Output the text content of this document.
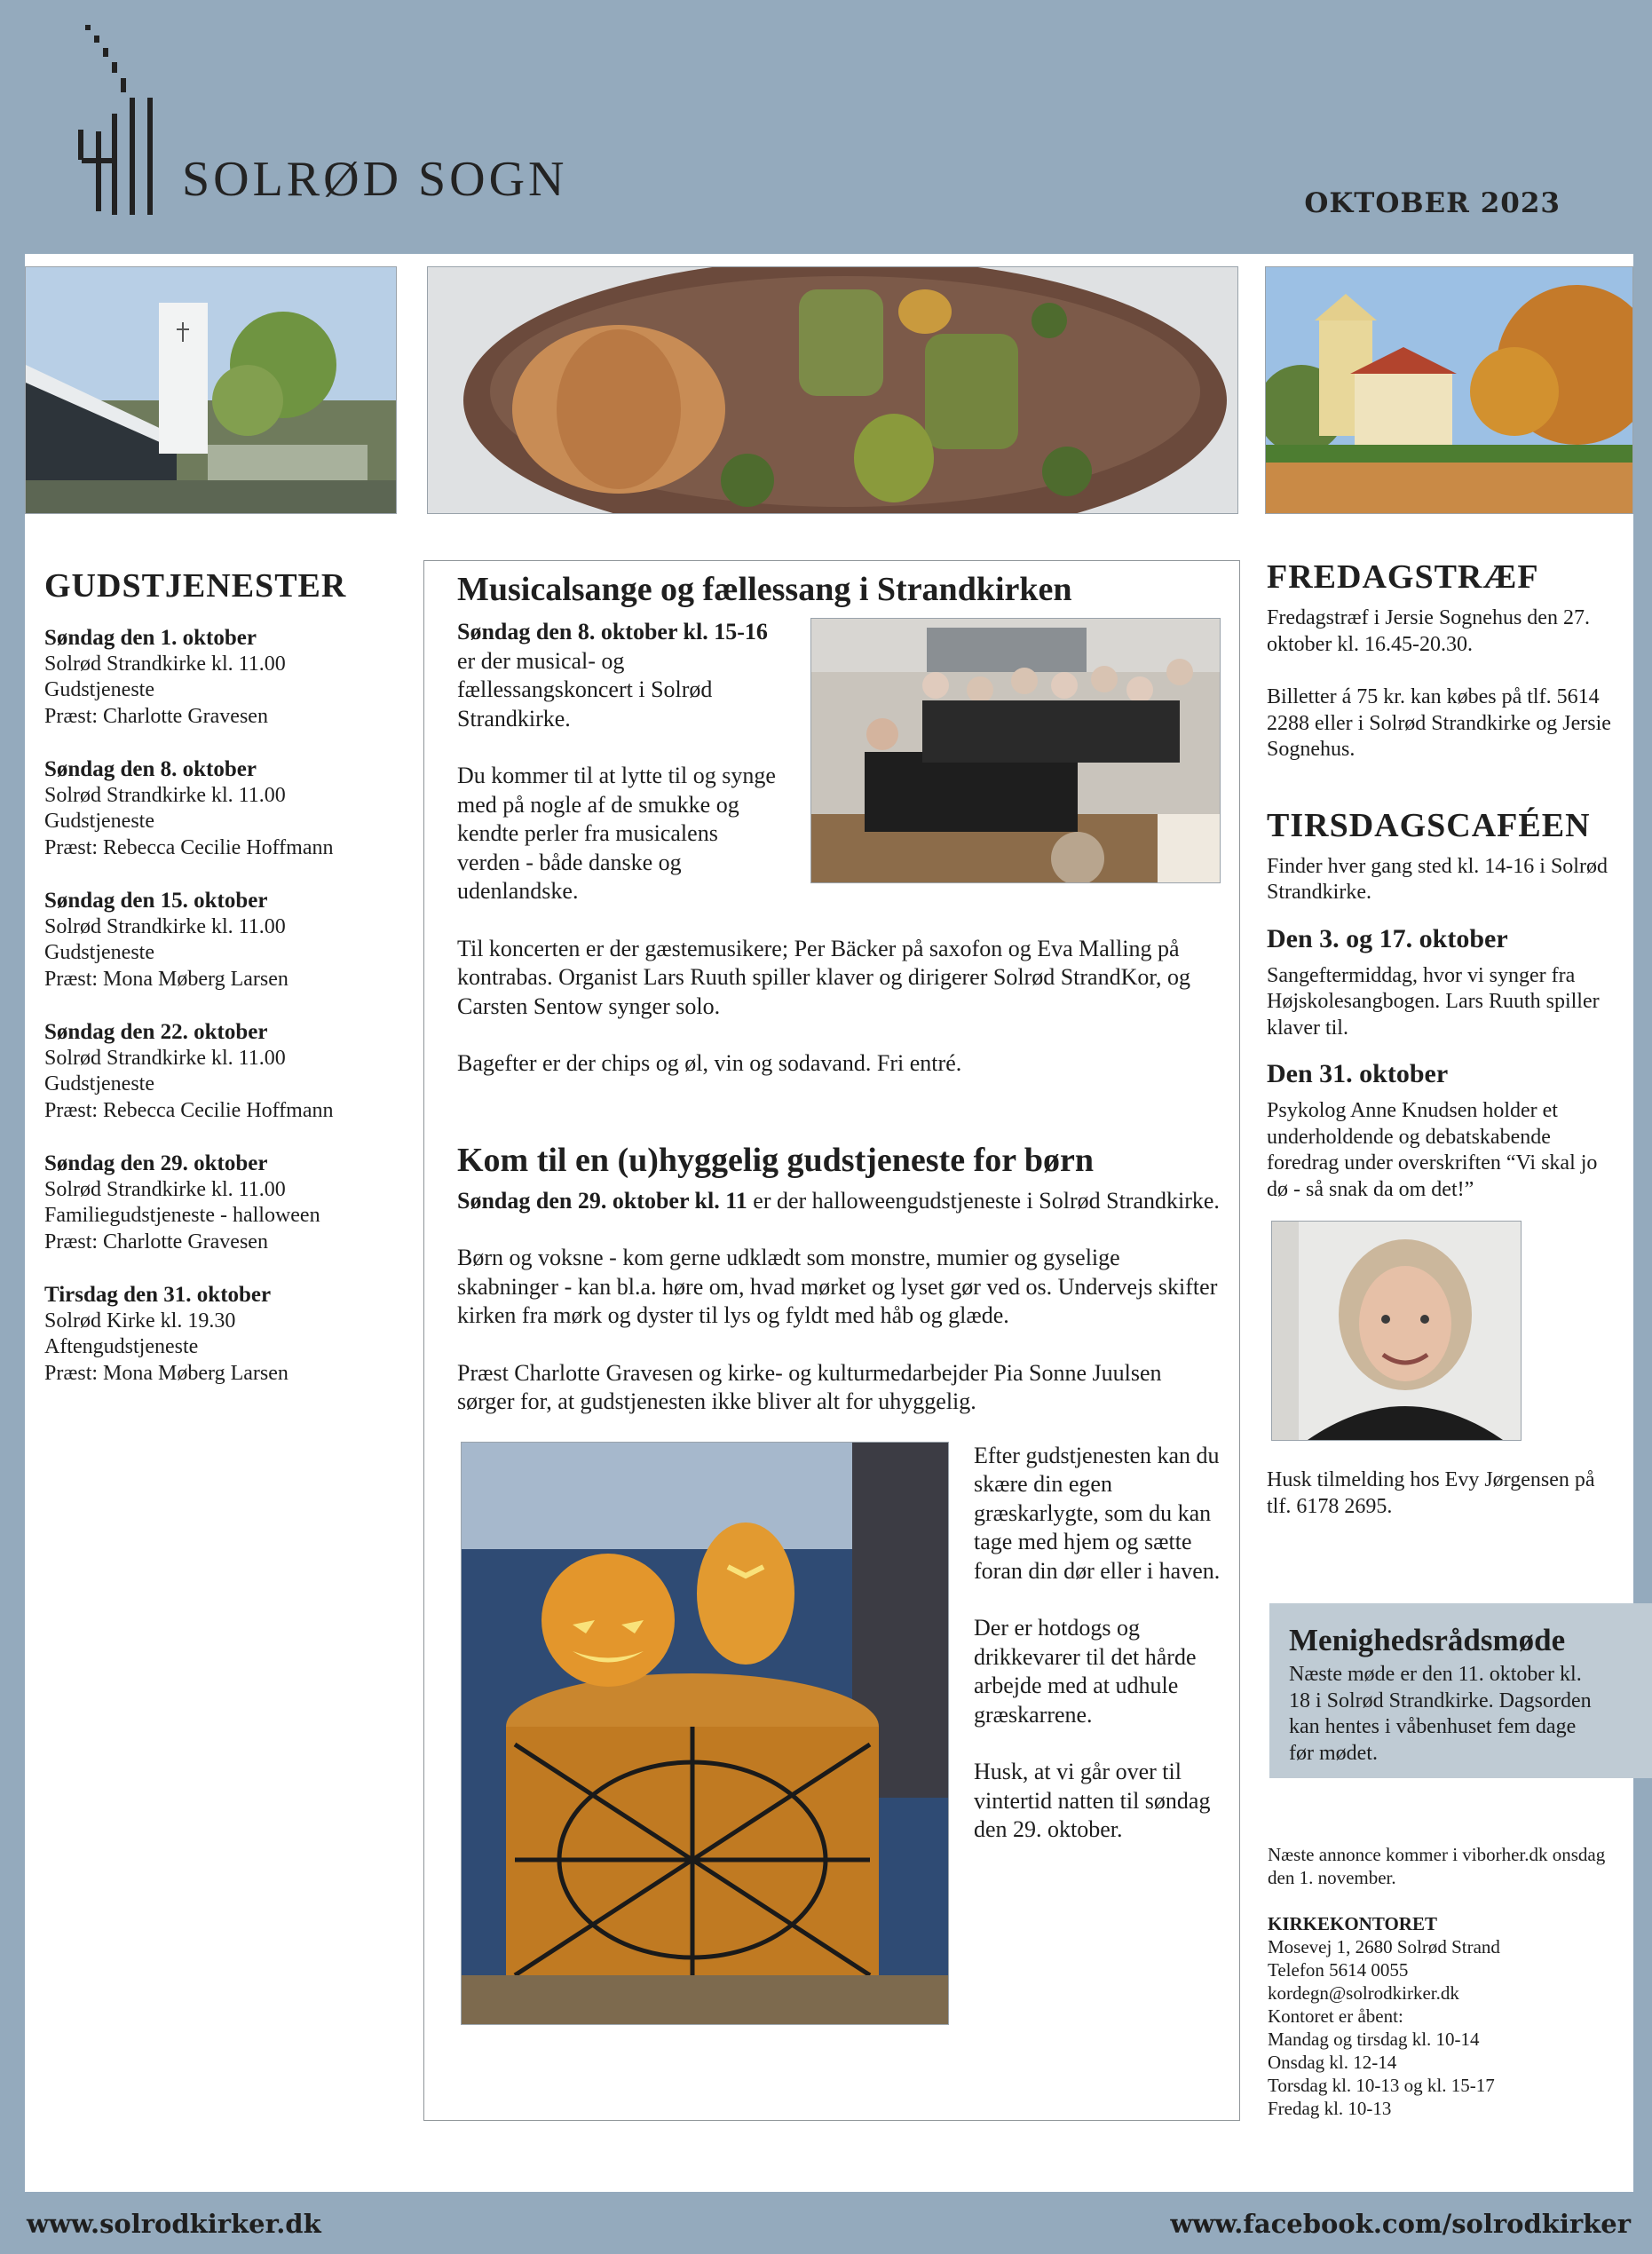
SOLRØD SOGN	OKTOBER 2023
GUDSTJENESTER
Søndag den 1. oktober
Solrød Strandkirke kl. 11.00
Gudstjeneste
Præst: Charlotte Gravesen
Søndag den 8. oktober
Solrød Strandkirke kl. 11.00
Gudstjeneste
Præst: Rebecca Cecilie Hoffmann
Søndag den 15. oktober
Solrød Strandkirke kl. 11.00
Gudstjeneste
Præst: Mona Møberg Larsen
Søndag den 22. oktober
Solrød Strandkirke kl. 11.00
Gudstjeneste
Præst: Rebecca Cecilie Hoffmann
Søndag den 29. oktober
Solrød Strandkirke kl. 11.00
Familiegudstjeneste - halloween
Præst: Charlotte Gravesen
Tirsdag den 31. oktober
Solrød Kirke kl. 19.30
Aftengudstjeneste
Præst: Mona Møberg Larsen
Musicalsange og fællessang i Strandkirken

Søndag den 8. oktober kl. 15-16 er der musical- og fællessangskoncert i Solrød Strandkirke.

Du kommer til at lytte til og synge med på nogle af de smukke og kendte perler fra musicalens verden - både danske og udenlandske.

Til koncerten er der gæstemusikere; Per Bäcker på saxofon og Eva Malling på kontrabas. Organist Lars Ruuth spiller klaver og dirigerer Solrød StrandKor, og Carsten Sentow synger solo.

Bagefter er der chips og øl, vin og sodavand. Fri entré.

Kom til en (u)hyggelig gudstjeneste for børn

Søndag den 29. oktober kl. 11 er der halloweengudstjeneste i Solrød Strandkirke.

Børn og voksne - kom gerne udklædt som monstre, mumier og gyselige skabninger - kan bl.a. høre om, hvad mørket og lyset gør ved os. Undervejs skifter kirken fra mørk og dyster til lys og fyldt med håb og glæde.

Præst Charlotte Gravesen og kirke- og kulturmedarbejder Pia Sonne Juulsen sørger for, at gudstjenesten ikke bliver alt for uhyggelig.

Efter gudstjenesten kan du skære din egen græskarlygte, som du kan tage med hjem og sætte foran din dør eller i haven.

Der er hotdogs og drikkevarer til det hårde arbejde med at udhule græskarrene.

Husk, at vi går over til vintertid natten til søndag den 29. oktober.

FREDAGSTRÆF

Fredagstræf i Jersie Sognehus den 27. oktober kl. 16.45-20.30.

Billetter á 75 kr. kan købes på tlf. 5614 2288 eller i Solrød Strandkirke og Jersie Sognehus.

TIRSDAGSCAFÉEN

Finder hver gang sted kl. 14-16 i Solrød Strandkirke.

Den 3. og 17. oktober

Sangeftermiddag, hvor vi synger fra Højskolesangbogen. Lars Ruuth spiller klaver til.

Den 31. oktober

Psykolog Anne Knudsen holder et underholdende og debatskabende foredrag under overskriften “Vi skal jo dø - så snak da om det!”

Husk tilmelding hos Evy Jørgensen på tlf. 6178 2695.

Menighedsrådsmøde

Næste møde er den 11. oktober kl. 18 i Solrød Strandkirke. Dagsorden kan hentes i våbenhuset fem dage før mødet.

Næste annonce kommer i viborher.dk onsdag den 1. november.

KIRKEKONTORET

Mosevej 1, 2680 Solrød Strand

Telefon 5614 0055

kordegn@solrodkirker.dk

Kontoret er åbent:

Mandag og tirsdag kl. 10-14

Onsdag kl. 12-14

Torsdag kl. 10-13 og kl. 15-17

Fredag kl. 10-13

www.solrodkirker.dk	www.facebook.com/solrodkirker
